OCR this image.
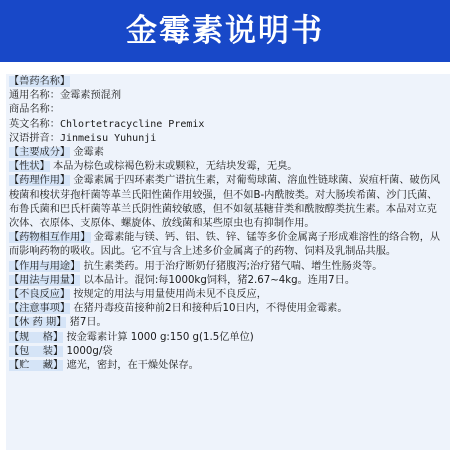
金霉素说明书
【兽药名称】
通用名称：金霉素预混剂
商品名称：
英文名称：Chlortetracycline Premix
汉语拼音：Jinmeisu Yuhunji
【主要成分】 金霉素
【性状】 本品为棕色或棕褐色粉末或颗粒，无结块发霉，无臭。
【药理作用】 金霉素属于四环素类广谱抗生素，对葡萄球菌、溶血性链球菌、炭疽杆菌、破伤风梭菌和梭状芽孢杆菌等革兰氏阳性菌作用较强，但不如B-内酰胺类。对大肠埃希菌、沙门氏菌、布鲁氏菌和巴氏杆菌等革兰氏阴性菌较敏感，但不如氨基糖苷类和酰胺醇类抗生素。本品对立克次体、衣原体、支原体、螺旋体、放线菌和某些原虫也有抑制作用。
【药物相互作用】 金霉素能与镁、钙、铝、铁、锌、锰等多价金属离子形成难溶性的络合物，从而影响药物的吸收。因此。它不宜与含上述多价金属离子的药物、饲料及乳制品共服。
【作用与用途】 抗生素类药。用于治疗断奶仔猪腹泻;治疗猪气喘、增生性肠炎等。
【用法与用量】 以本品计。混饲:每1000kg饲料，猪2.67~4kg。连用7日。
【不良反应】 按规定的用法与用量使用尚未见不良反应，
【注意事项】 在猪丹毒疫苗接种前2日和接种后10日内，不得使用金霉素。
【休 药 期】 猪7日。
【规　 格】 按金霉素计算 1000 g:150 g(1.5亿单位)
【包　 装】 1000g/袋
【贮　 藏】 遮光，密封，在干燥处保存。
